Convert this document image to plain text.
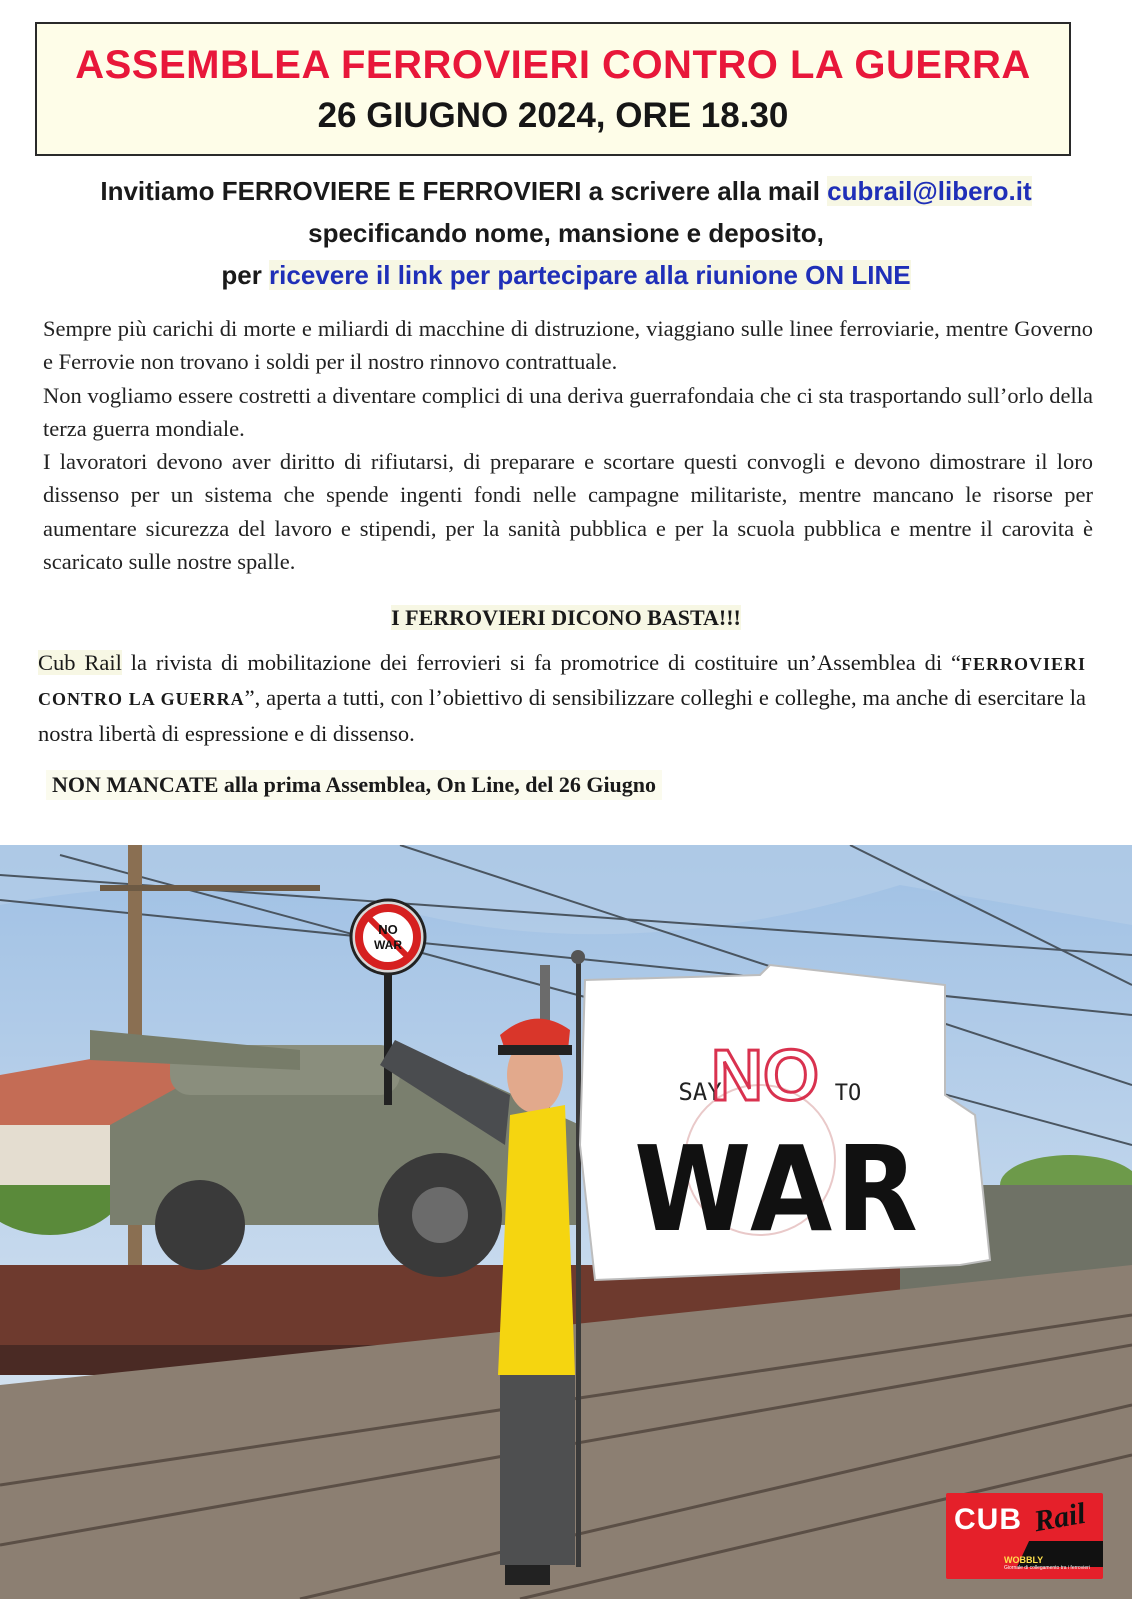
ASSEMBLEA FERROVIERI CONTRO LA GUERRA
26 GIUGNO 2024, ORE 18.30
Invitiamo FERROVIERE E FERROVIERI a scrivere alla mail cubrail@libero.it
specificando nome, mansione e deposito,
per ricevere il link per partecipare alla riunione ON LINE

Sempre più carichi di morte e miliardi di macchine di distruzione, viaggiano sulle linee ferroviarie, mentre Governo e Ferrovie non trovano i soldi per il nostro rinnovo contrattuale.

Non vogliamo essere costretti a diventare complici di una deriva guerrafondaia che ci sta trasportando sull’orlo della terza guerra mondiale.

I lavoratori devono aver diritto di rifiutarsi, di preparare e scortare questi convogli e devono dimostrare il loro dissenso per un sistema che spende ingenti fondi nelle campagne militariste, mentre mancano le risorse per aumentare sicurezza del lavoro e stipendi, per la sanità pubblica e per la scuola pubblica e mentre il carovita è scaricato sulle nostre spalle.

I FERROVIERI DICONO BASTA!!!
Cub Rail la rivista di mobilitazione dei ferrovieri si fa promotrice di costituire un’Assemblea di “FERROVIERI CONTRO LA GUERRA”, aperta a tutti, con l’obiettivo di sensibilizzare colleghi e colleghe, ma anche di esercitare la nostra libertà di espressione e di dissenso.
NON MANCATE alla prima Assemblea, On Line, del 26 Giugno
NO
WAR
SAY
NO TO
WAR
CUB Rail
WOBBLY
Giornale di collegamento tra i ferrovieri
